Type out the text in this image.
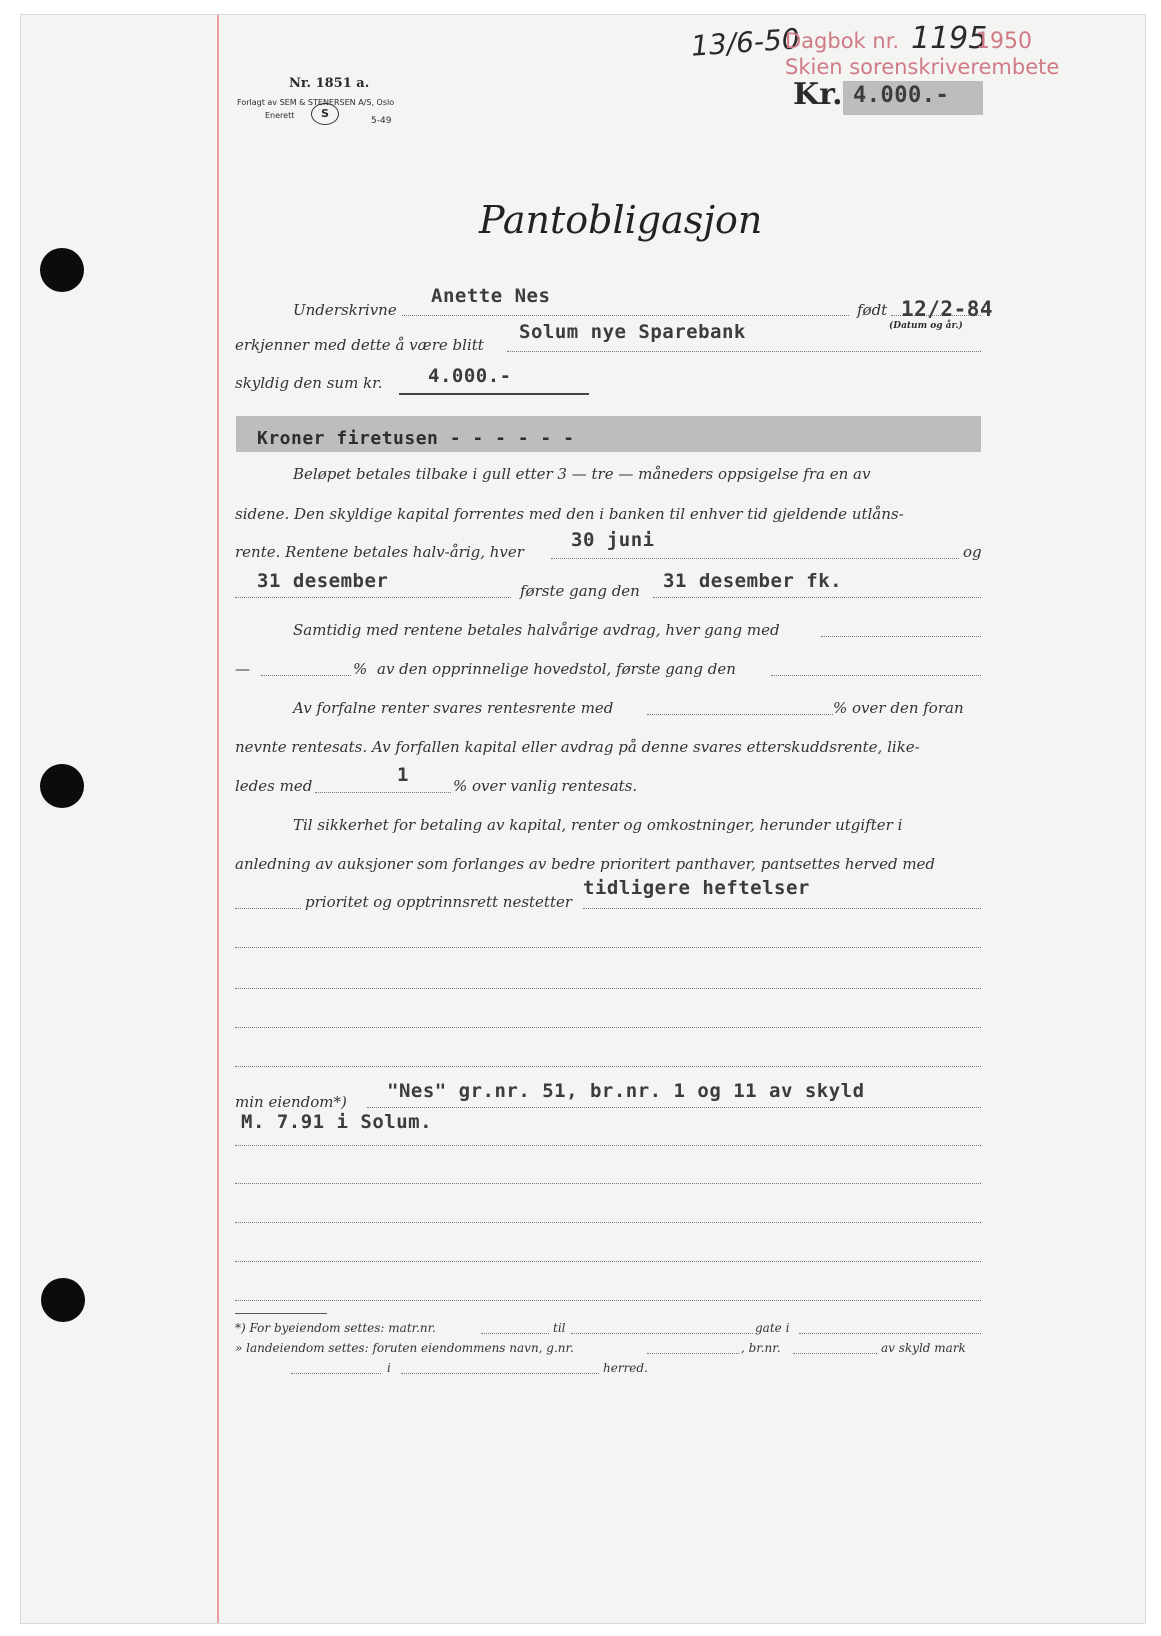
Nr. 1851 a.
Forlagt av SEM & STENERSEN A/S, Oslo
Enerett	S
5-49
13/6-50
Dagbok nr. 1195
1950
Skien sorenskriverembete
Kr. 4.000.-
Pantobligasjon
Underskrivne
Anette Nes
født 12/2-84
(Datum og år.)
erkjenner med dette å være blitt
Solum nye Sparebank
skyldig den sum kr. 4.000.-
Kroner firetusen - - - - - -
Beløpet betales tilbake i gull etter 3 — tre — måneders oppsigelse fra en av
sidene. Den skyldige kapital forrentes med den i banken til enhver tid gjeldende utlåns-
rente. Rentene betales halv-årig, hver
30 juni
og
31 desember	første gang den 31 desember fk.
Samtidig med rentene betales halvårige avdrag, hver gang med
—	% av den opprinnelige hovedstol, første gang den
Av forfalne renter svares rentesrente med	% over den foran
nevnte rentesats. Av forfallen kapital eller avdrag på denne svares etterskuddsrente, like-
ledes med	1	% over vanlig rentesats.
Til sikkerhet for betaling av kapital, renter og omkostninger, herunder utgifter i
anledning av auksjoner som forlanges av bedre prioritert panthaver, pantsettes herved med
prioritet og opptrinnsrett nestetter
tidligere heftelser
min eiendom*) "Nes" gr.nr. 51, br.nr. 1 og 11 av skyld
M. 7.91 i Solum.
*) For byeiendom settes: matr.nr.	til	gate i
» landeiendom settes: foruten eiendommens navn, g.nr.	, br.nr.	av skyld mark
i	herred.
